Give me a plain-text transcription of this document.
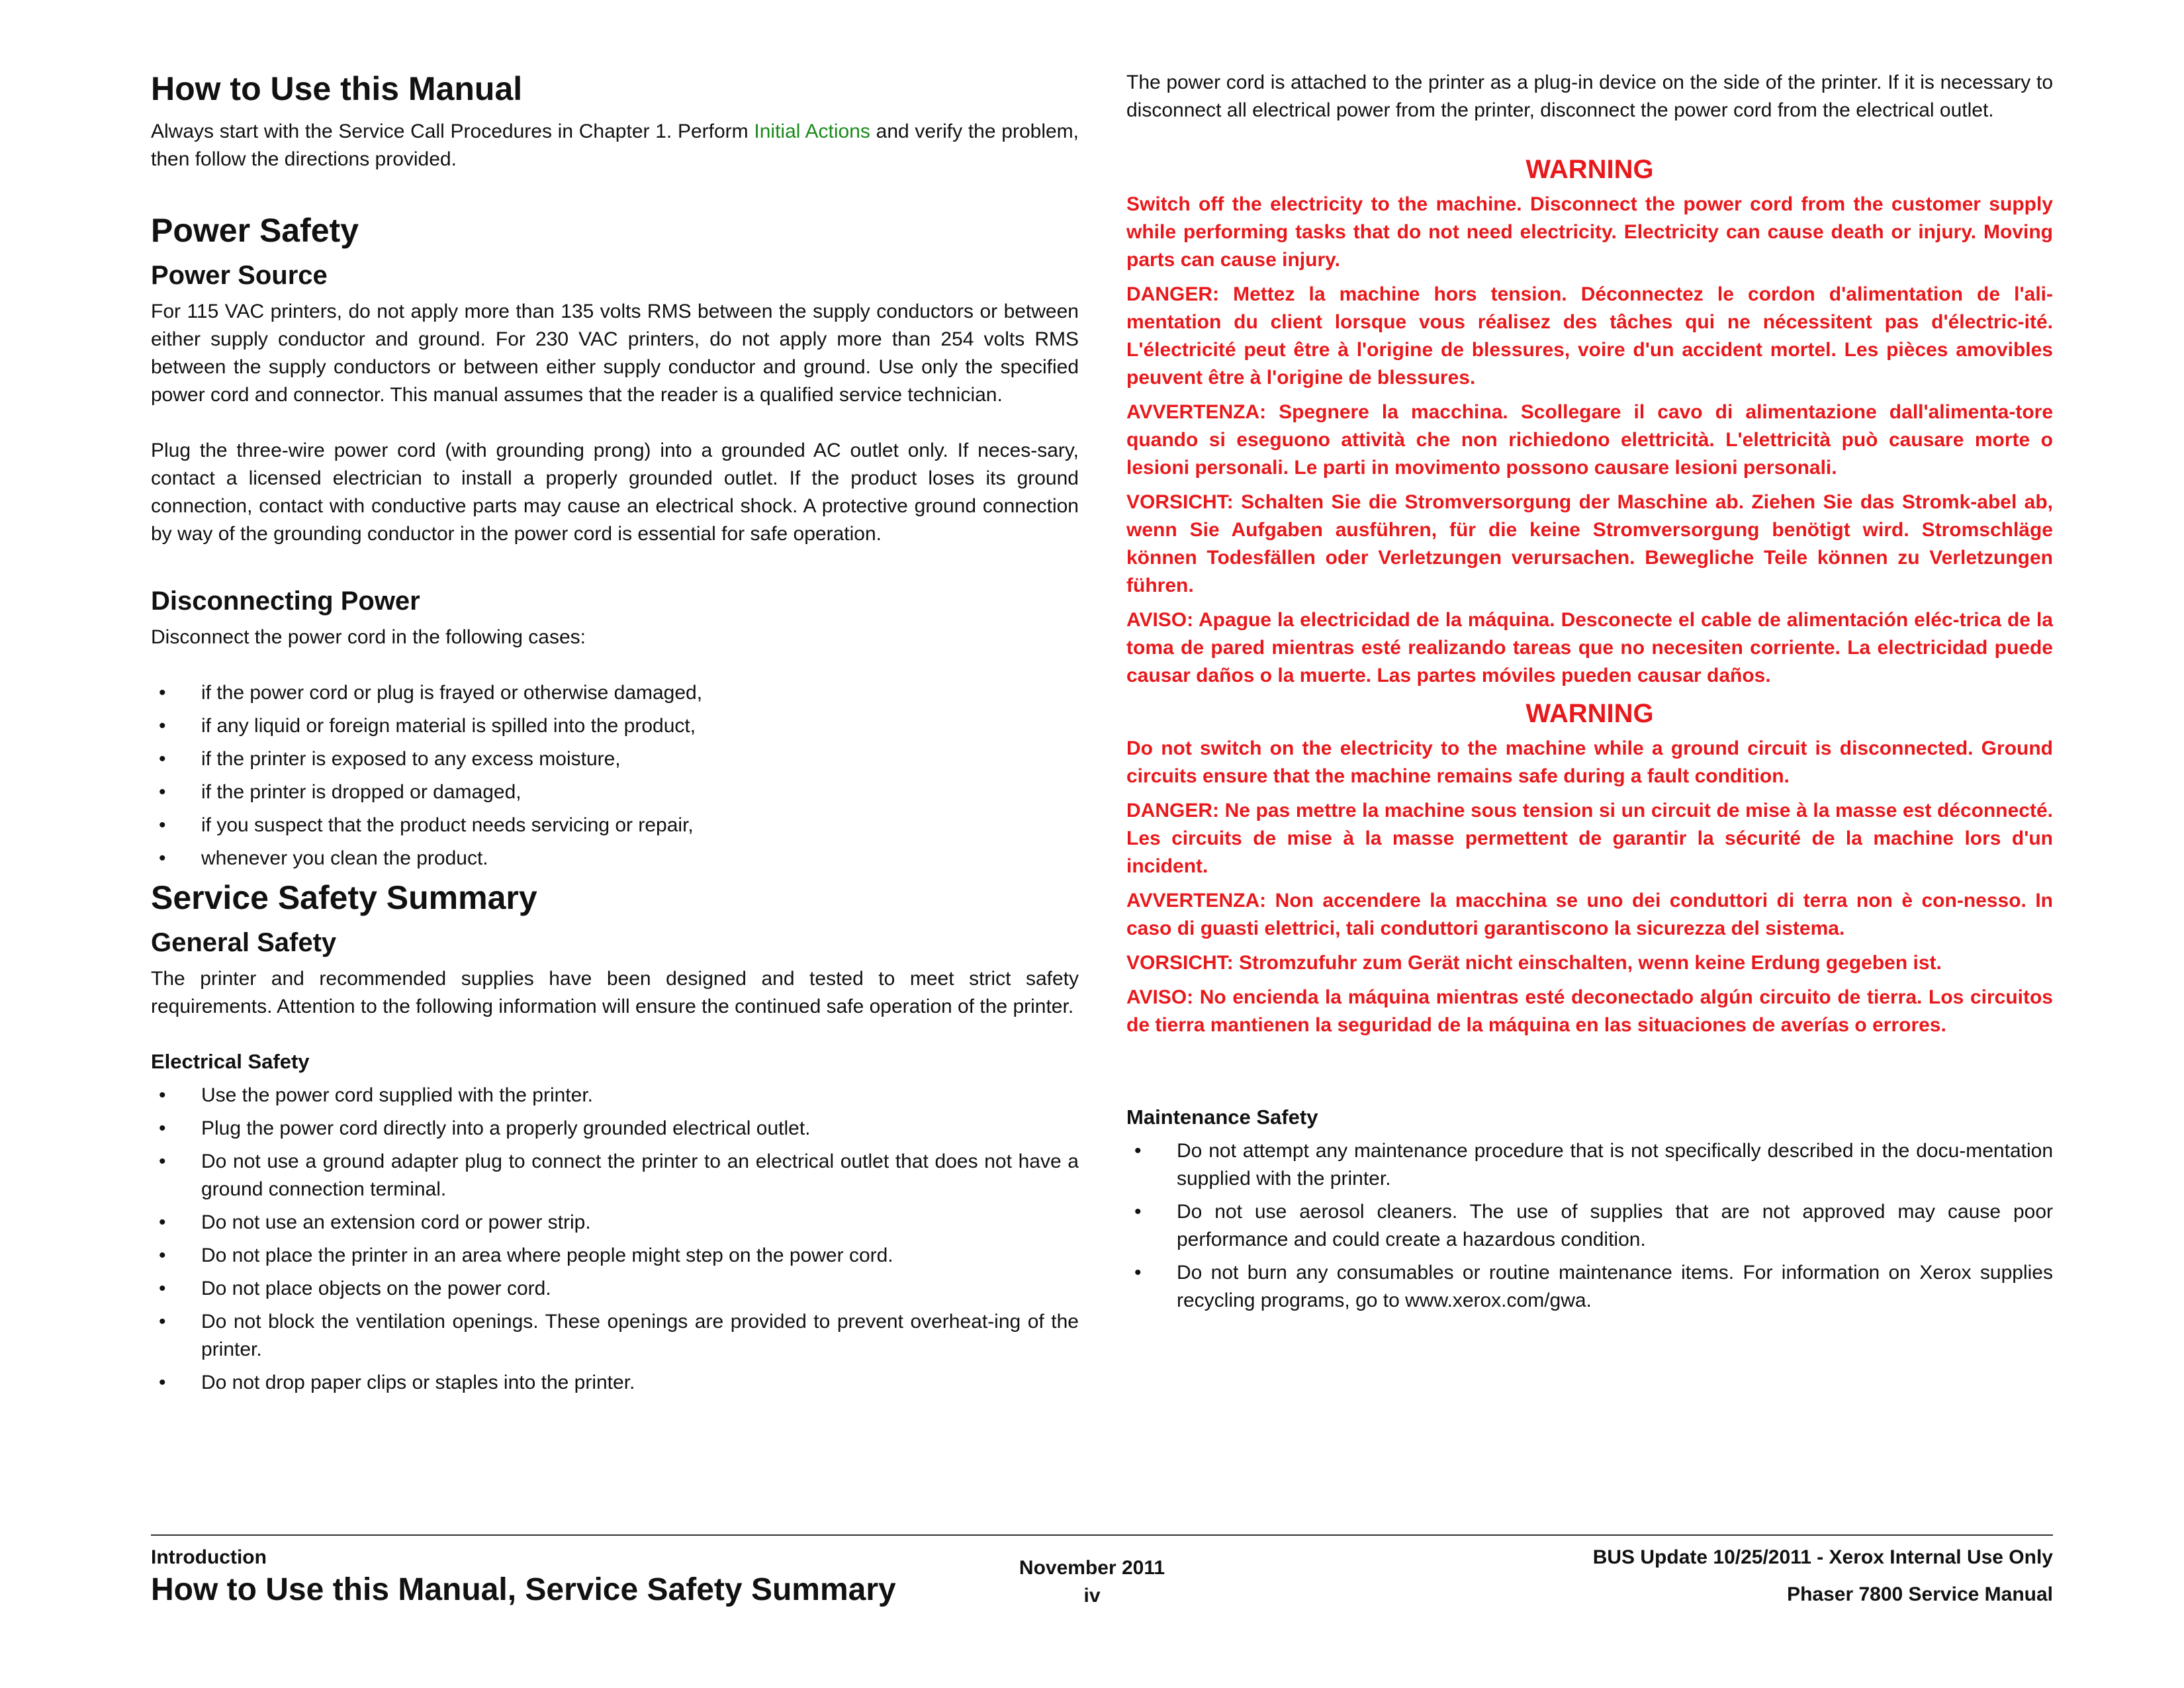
How to Use this Manual

Always start with the Service Call Procedures in Chapter 1. Perform Initial Actions and verify the problem, then follow the directions provided.

Power Safety
Power Source

For 115 VAC printers, do not apply more than 135 volts RMS between the supply conductors or between either supply conductor and ground. For 230 VAC printers, do not apply more than 254 volts RMS between the supply conductors or between either supply conductor and ground. Use only the specified power cord and connector. This manual assumes that the reader is a qualified service technician.

Plug the three-wire power cord (with grounding prong) into a grounded AC outlet only. If neces-sary, contact a licensed electrician to install a properly grounded outlet. If the product loses its ground connection, contact with conductive parts may cause an electrical shock. A protective ground connection by way of the grounding conductor in the power cord is essential for safe operation.

Disconnecting Power

Disconnect the power cord in the following cases:

• if the power cord or plug is frayed or otherwise damaged,
• if any liquid or foreign material is spilled into the product,
• if the printer is exposed to any excess moisture,
• if the printer is dropped or damaged,
• if you suspect that the product needs servicing or repair,
• whenever you clean the product.
Service Safety Summary
General Safety

The printer and recommended supplies have been designed and tested to meet strict safety requirements. Attention to the following information will ensure the continued safe operation of the printer.

Electrical Safety
• Use the power cord supplied with the printer.
• Plug the power cord directly into a properly grounded electrical outlet.
• Do not use a ground adapter plug to connect the printer to an electrical outlet that does not have a ground connection terminal.
• Do not use an extension cord or power strip.
• Do not place the printer in an area where people might step on the power cord.
• Do not place objects on the power cord.
• Do not block the ventilation openings. These openings are provided to prevent overheat-ing of the printer.
• Do not drop paper clips or staples into the printer.

The power cord is attached to the printer as a plug-in device on the side of the printer. If it is necessary to disconnect all electrical power from the printer, disconnect the power cord from the electrical outlet.

WARNING

Switch off the electricity to the machine. Disconnect the power cord from the customer supply while performing tasks that do not need electricity. Electricity can cause death or injury. Moving parts can cause injury.

DANGER: Mettez la machine hors tension. Déconnectez le cordon d'alimentation de l'ali-mentation du client lorsque vous réalisez des tâches qui ne nécessitent pas d'électric-ité. L'électricité peut être à l'origine de blessures, voire d'un accident mortel. Les pièces amovibles peuvent être à l'origine de blessures.

AVVERTENZA: Spegnere la macchina. Scollegare il cavo di alimentazione dall'alimenta-tore quando si eseguono attività che non richiedono elettricità. L'elettricità può causare morte o lesioni personali. Le parti in movimento possono causare lesioni personali.

VORSICHT: Schalten Sie die Stromversorgung der Maschine ab. Ziehen Sie das Stromk-abel ab, wenn Sie Aufgaben ausführen, für die keine Stromversorgung benötigt wird. Stromschläge können Todesfällen oder Verletzungen verursachen. Bewegliche Teile können zu Verletzungen führen.

AVISO: Apague la electricidad de la máquina. Desconecte el cable de alimentación eléc-trica de la toma de pared mientras esté realizando tareas que no necesiten corriente. La electricidad puede causar daños o la muerte. Las partes móviles pueden causar daños.

WARNING

Do not switch on the electricity to the machine while a ground circuit is disconnected. Ground circuits ensure that the machine remains safe during a fault condition.

DANGER: Ne pas mettre la machine sous tension si un circuit de mise à la masse est déconnecté. Les circuits de mise à la masse permettent de garantir la sécurité de la machine lors d'un incident.

AVVERTENZA: Non accendere la macchina se uno dei conduttori di terra non è con-nesso. In caso di guasti elettrici, tali conduttori garantiscono la sicurezza del sistema.

VORSICHT: Stromzufuhr zum Gerät nicht einschalten, wenn keine Erdung gegeben ist.

AVISO: No encienda la máquina mientras esté deconectado algún circuito de tierra. Los circuitos de tierra mantienen la seguridad de la máquina en las situaciones de averías o errores.

Maintenance Safety
• Do not attempt any maintenance procedure that is not specifically described in the docu-mentation supplied with the printer.
• Do not use aerosol cleaners. The use of supplies that are not approved may cause poor performance and could create a hazardous condition.
• Do not burn any consumables or routine maintenance items. For information on Xerox supplies recycling programs, go to www.xerox.com/gwa.
Introduction
How to Use this Manual, Service Safety Summary
November 2011
iv
BUS Update 10/25/2011 - Xerox Internal Use Only
Phaser 7800 Service Manual
